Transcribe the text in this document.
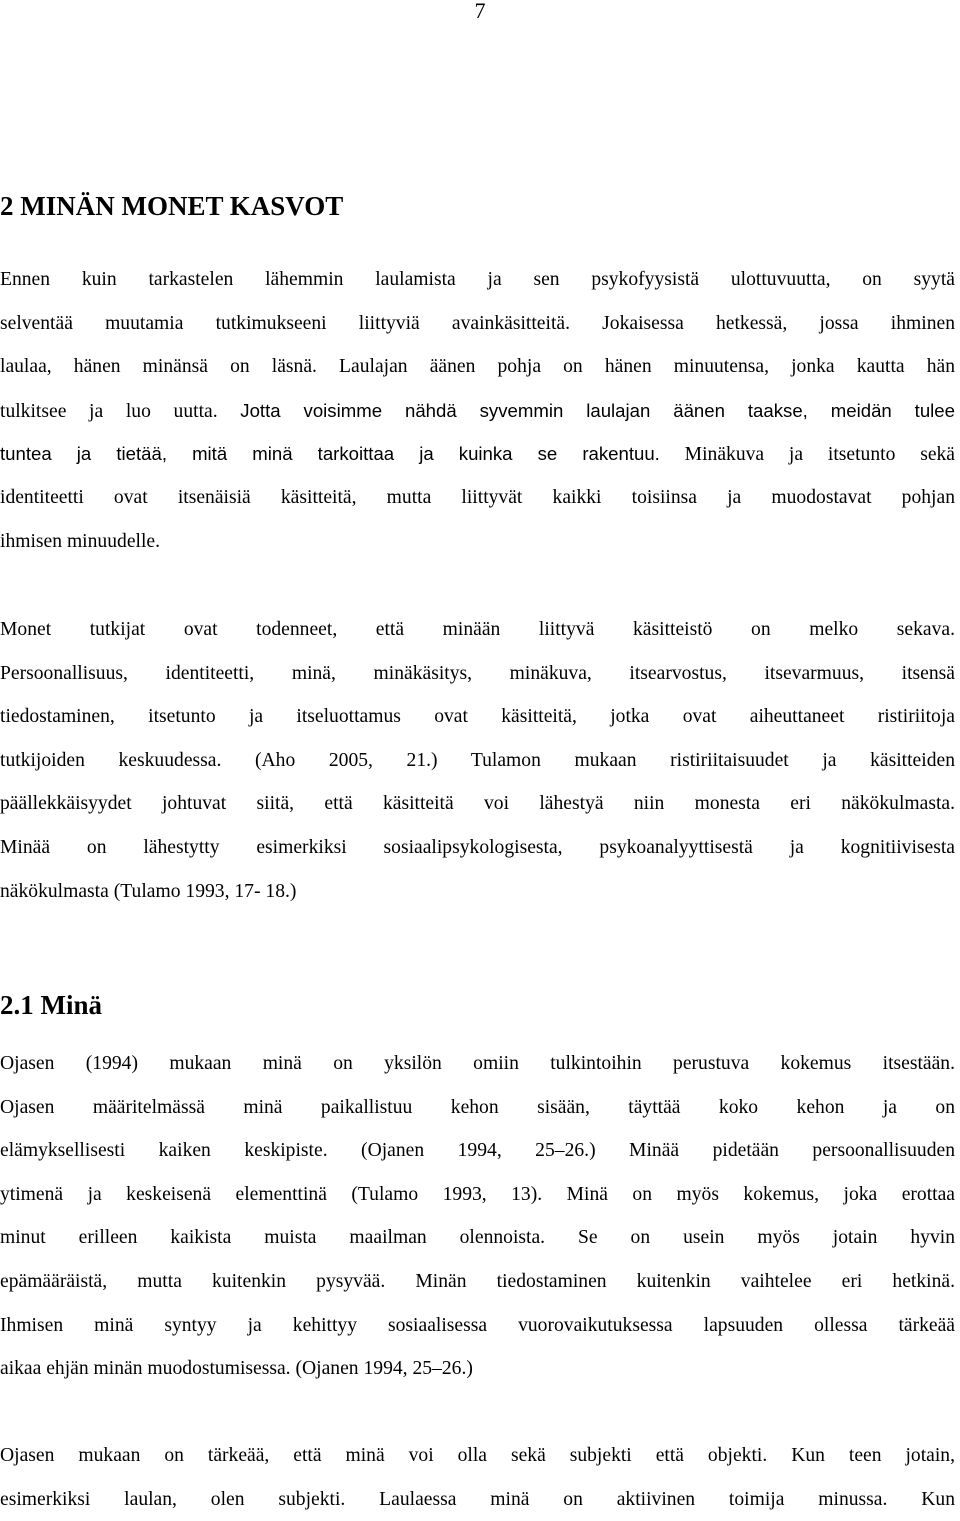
7
2 MINÄN MONET KASVOT
Ennen kuin tarkastelen lähemmin laulamista ja sen psykofyysistä ulottuvuutta, on syytä
selventää muutamia tutkimukseeni liittyviä avainkäsitteitä. Jokaisessa hetkessä, jossa ihminen
laulaa, hänen minänsä on läsnä. Laulajan äänen pohja on hänen minuutensa, jonka kautta hän
tulkitsee ja luo uutta. Jotta voisimme nähdä syvemmin laulajan äänen taakse, meidän tulee
tuntea ja tietää, mitä minä tarkoittaa ja kuinka se rakentuu. Minäkuva ja itsetunto sekä
identiteetti ovat itsenäisiä käsitteitä, mutta liittyvät kaikki toisiinsa ja muodostavat pohjan
ihmisen minuudelle.
Monet tutkijat ovat todenneet, että minään liittyvä käsitteistö on melko sekava.
Persoonallisuus, identiteetti, minä, minäkäsitys, minäkuva, itsearvostus, itsevarmuus, itsensä
tiedostaminen, itsetunto ja itseluottamus ovat käsitteitä, jotka ovat aiheuttaneet ristiriitoja
tutkijoiden keskuudessa. (Aho 2005, 21.) Tulamon mukaan ristiriitaisuudet ja käsitteiden
päällekkäisyydet johtuvat siitä, että käsitteitä voi lähestyä niin monesta eri näkökulmasta.
Minää on lähestytty esimerkiksi sosiaalipsykologisesta, psykoanalyyttisestä ja kognitiivisesta
näkökulmasta (Tulamo 1993, 17- 18.)
2.1 Minä
Ojasen (1994) mukaan minä on yksilön omiin tulkintoihin perustuva kokemus itsestään.
Ojasen määritelmässä minä paikallistuu kehon sisään, täyttää koko kehon ja on
elämyksellisesti kaiken keskipiste. (Ojanen 1994, 25–26.) Minää pidetään persoonallisuuden
ytimenä ja keskeisenä elementtinä (Tulamo 1993, 13). Minä on myös kokemus, joka erottaa
minut erilleen kaikista muista maailman olennoista. Se on usein myös jotain hyvin
epämääräistä, mutta kuitenkin pysyvää. Minän tiedostaminen kuitenkin vaihtelee eri hetkinä.
Ihmisen minä syntyy ja kehittyy sosiaalisessa vuorovaikutuksessa lapsuuden ollessa tärkeää
aikaa ehjän minän muodostumisessa. (Ojanen 1994, 25–26.)
Ojasen mukaan on tärkeää, että minä voi olla sekä subjekti että objekti. Kun teen jotain,
esimerkiksi laulan, olen subjekti. Laulaessa minä on aktiivinen toimija minussa. Kun
